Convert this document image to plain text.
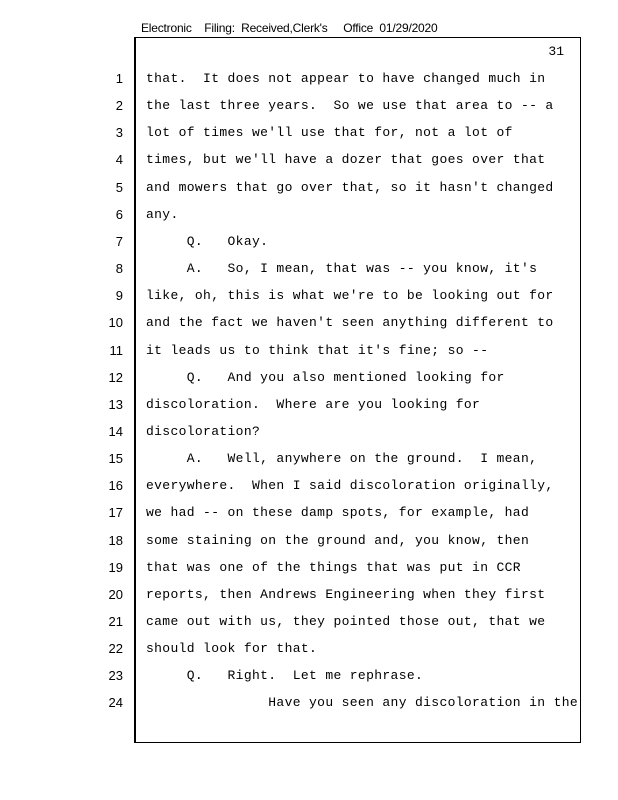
Electronic    Filing:  Received,Clerk's     Office  01/29/2020
31
1 that.  It does not appear to have changed much in
2 the last three years.  So we use that area to -- a
3 lot of times we'll use that for, not a lot of
4 times, but we'll have a dozer that goes over that
5 and mowers that go over that, so it hasn't changed
6 any.
7 Q.   Okay.
8 A.   So, I mean, that was -- you know, it's
9 like, oh, this is what we're to be looking out for
10 and the fact we haven't seen anything different to
11 it leads us to think that it's fine; so --
12 Q.   And you also mentioned looking for
13 discoloration.  Where are you looking for
14 discoloration?
15 A.   Well, anywhere on the ground.  I mean,
16 everywhere.  When I said discoloration originally,
17 we had -- on these damp spots, for example, had
18 some staining on the ground and, you know, then
19 that was one of the things that was put in CCR
20 reports, then Andrews Engineering when they first
21 came out with us, they pointed those out, that we
22 should look for that.
23 Q.   Right.  Let me rephrase.
24 Have you seen any discoloration in the
